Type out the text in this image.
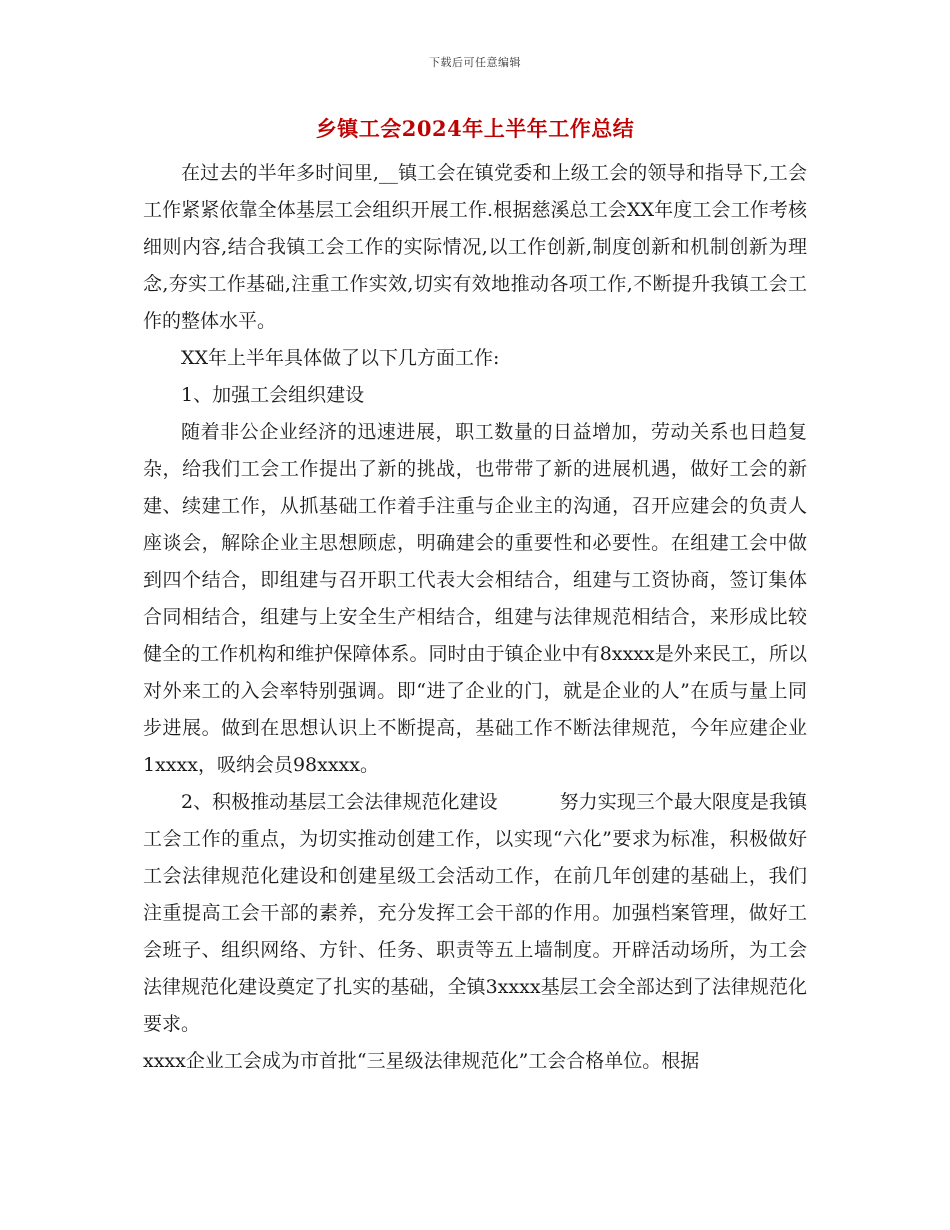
下载后可任意编辑
乡镇工会2024年上半年工作总结

在过去的半年多时间里,__镇工会在镇党委和上级工会的领导和指导下,工会工作紧紧依靠全体基层工会组织开展工作.根据慈溪总工会XX年度工会工作考核细则内容,结合我镇工会工作的实际情况,以工作创新,制度创新和机制创新为理念,夯实工作基础,注重工作实效,切实有效地推动各项工作,不断提升我镇工会工作的整体水平。

XX年上半年具体做了以下几方面工作:

1、加强工会组织建设

随着非公企业经济的迅速进展，职工数量的日益增加，劳动关系也日趋复杂，给我们工会工作提出了新的挑战，也带带了新的进展机遇，做好工会的新建、续建工作，从抓基础工作着手注重与企业主的沟通，召开应建会的负责人座谈会，解除企业主思想顾虑，明确建会的重要性和必要性。在组建工会中做到四个结合，即组建与召开职工代表大会相结合，组建与工资协商，签订集体合同相结合，组建与上安全生产相结合，组建与法律规范相结合，来形成比较健全的工作机构和维护保障体系。同时由于镇企业中有8xxxx是外来民工，所以对外来工的入会率特别强调。即“进了企业的门，就是企业的人”在质与量上同步进展。做到在思想认识上不断提高，基础工作不断法律规范，今年应建企业1xxxx，吸纳会员98xxxx。

2、积极推动基层工会法律规范化建设	努力实现三个最大限度是我镇工会工作的重点，为切实推动创建工作，以实现“六化”要求为标准，积极做好工会法律规范化建设和创建星级工会活动工作，在前几年创建的基础上，我们注重提高工会干部的素养，充分发挥工会干部的作用。加强档案管理，做好工会班子、组织网络、方针、任务、职责等五上墙制度。开辟活动场所，为工会法律规范化建设奠定了扎实的基础，全镇3xxxx基层工会全部达到了法律规范化要求。

xxxx企业工会成为市首批“三星级法律规范化”工会合格单位。根据
